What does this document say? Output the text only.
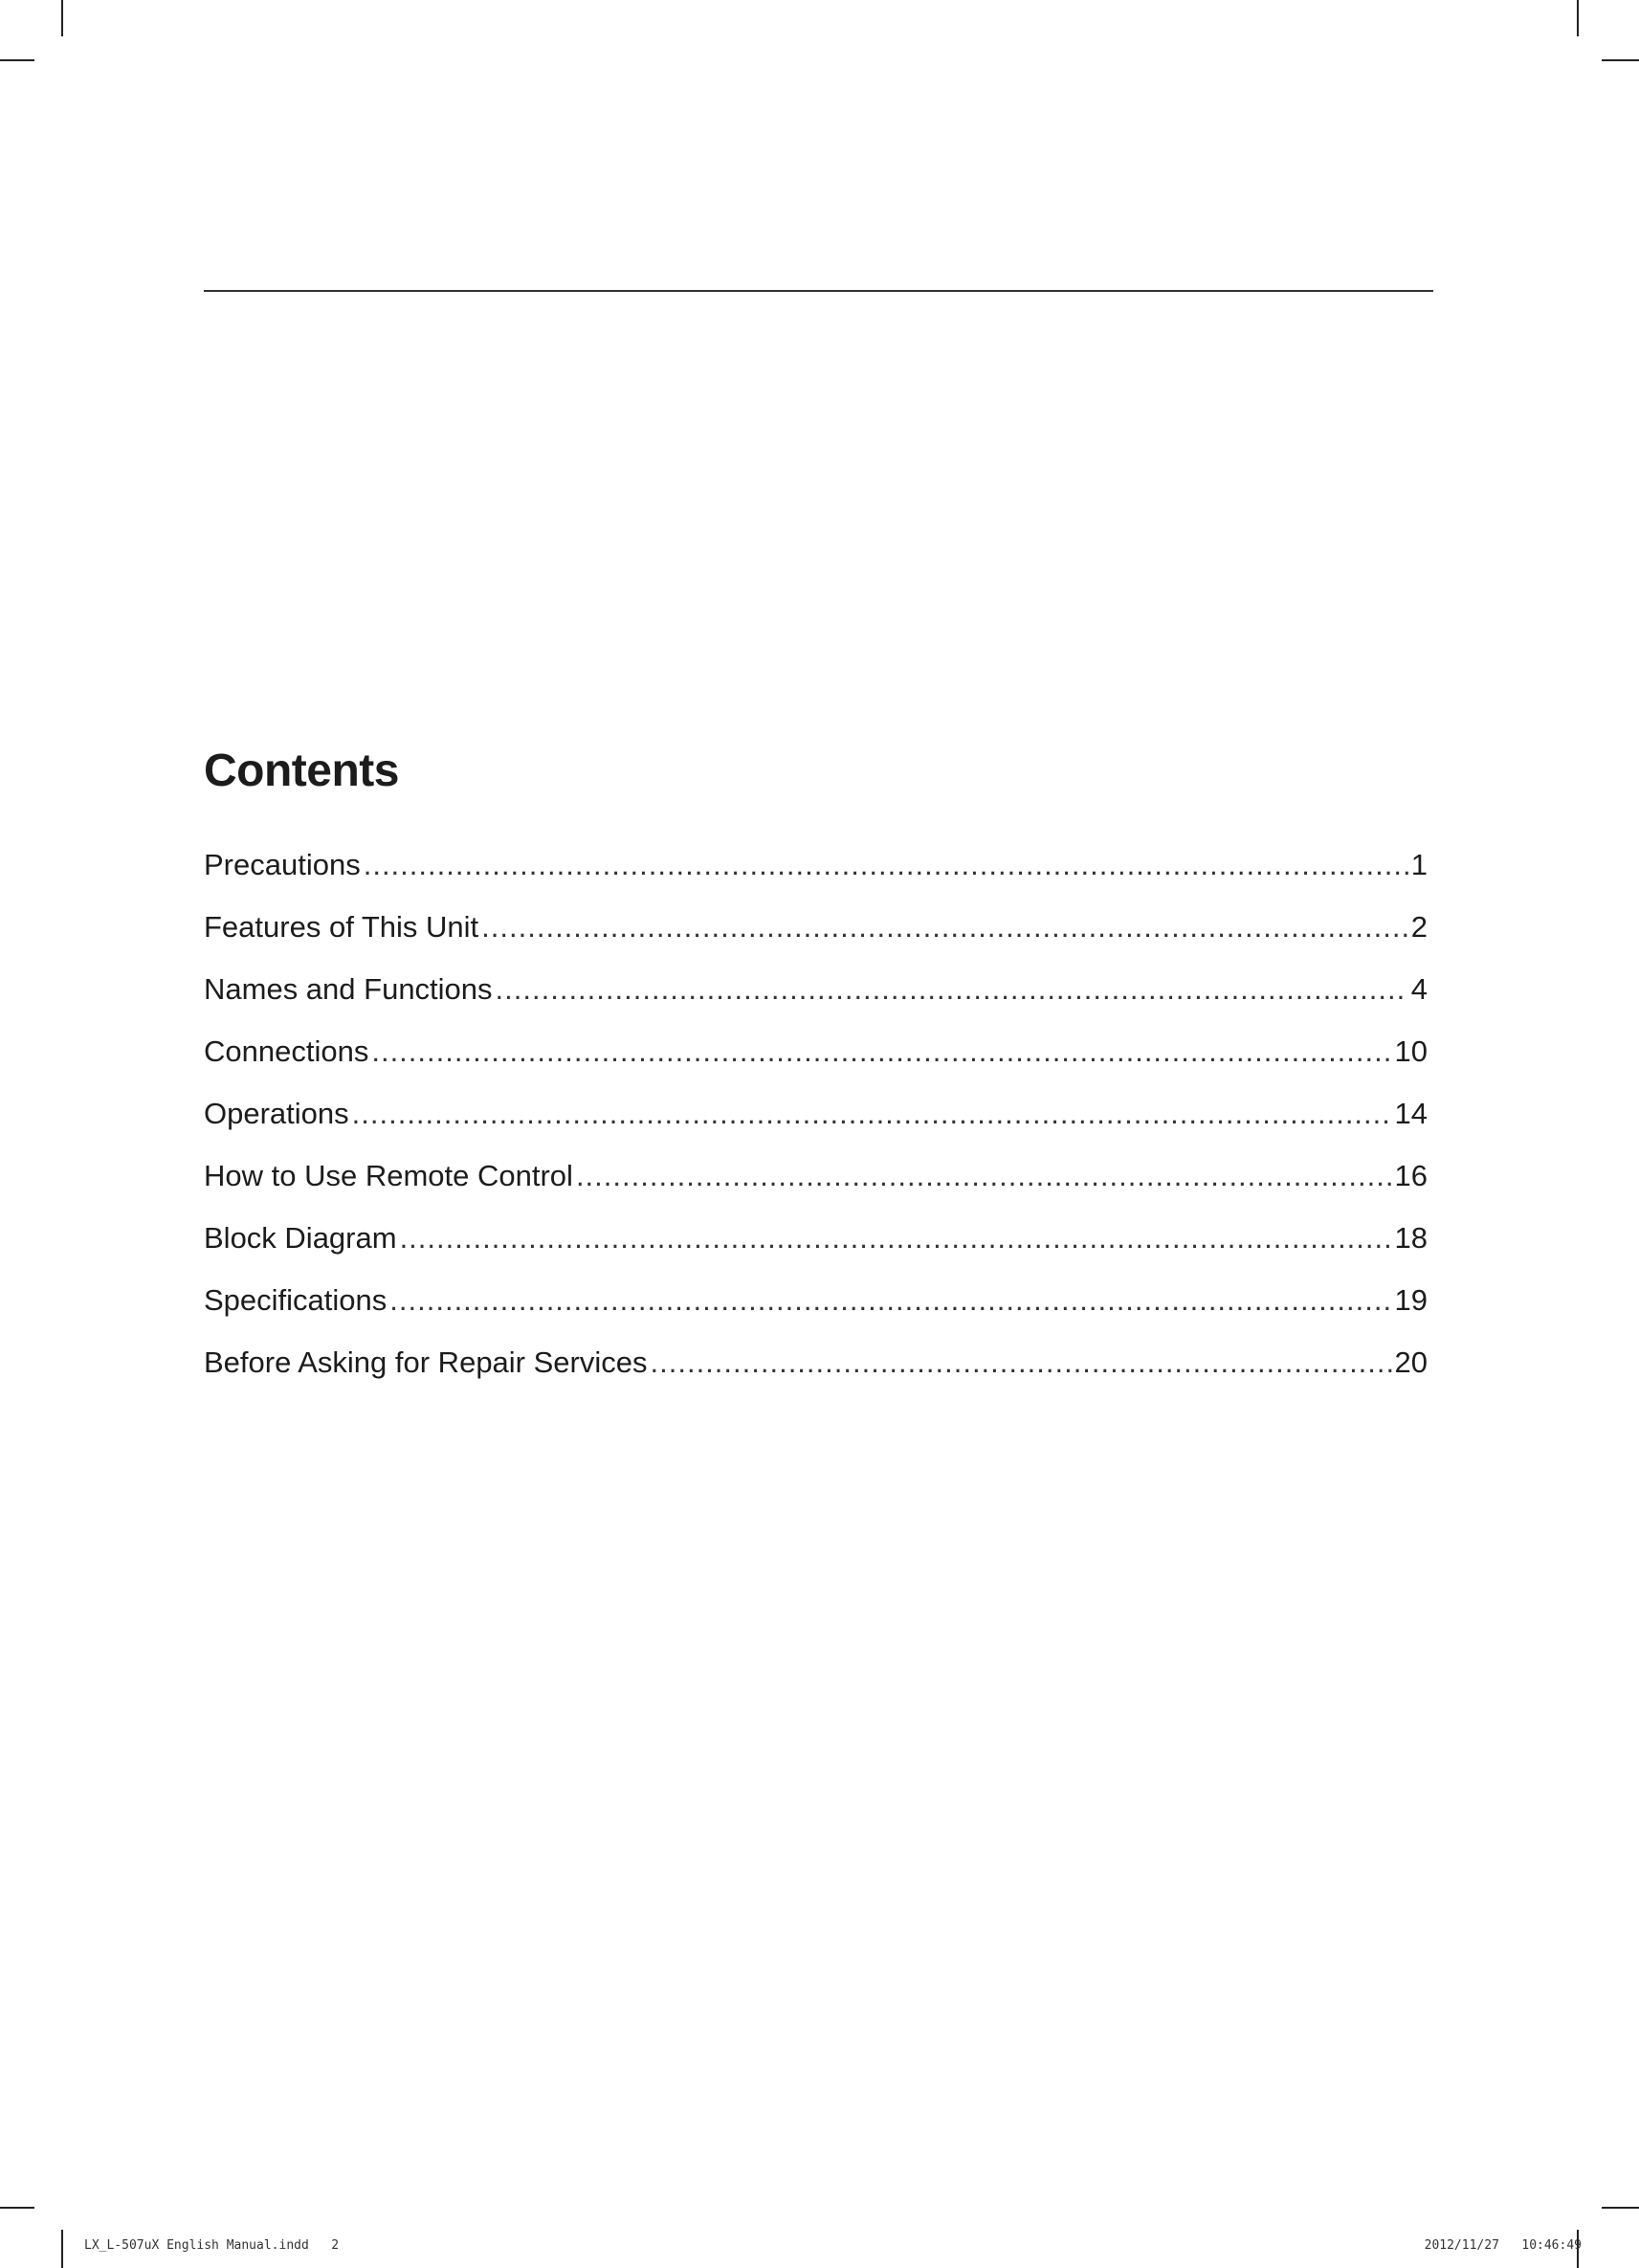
Contents
Precautions .....	1
Features of This Unit .....	2
Names and Functions .....	4
Connections .....	10
Operations .....	14
How to Use Remote Control .....	16
Block Diagram .....	18
Specifications .....	19
Before Asking for Repair Services .....	20
LX_L-507uX English Manual.indd   2	2012/11/27   10:46:49
